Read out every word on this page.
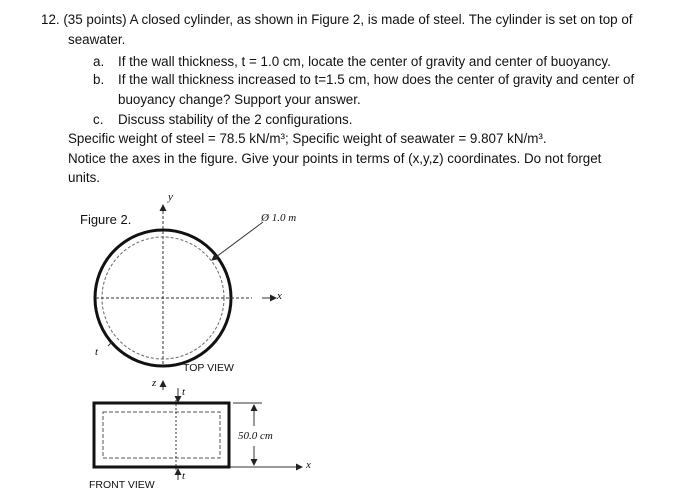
12. (35 points) A closed cylinder, as shown in Figure 2, is made of steel. The cylinder is set on top of
seawater.
a. If the wall thickness, t = 1.0 cm, locate the center of gravity and center of buoyancy.
b. If the wall thickness increased to t=1.5 cm, how does the center of gravity and center of
buoyancy change? Support your answer.
c. Discuss stability of the 2 configurations.
Specific weight of steel = 78.5 kN/m³; Specific weight of seawater = 9.807 kN/m³.
Notice the axes in the figure. Give your points in terms of (x,y,z) coordinates. Do not forget
units.
Figure 2.	Ø 1.0 m
y
x
t
TOP VIEW
z
t
50.0 cm
x
t
FRONT VIEW
